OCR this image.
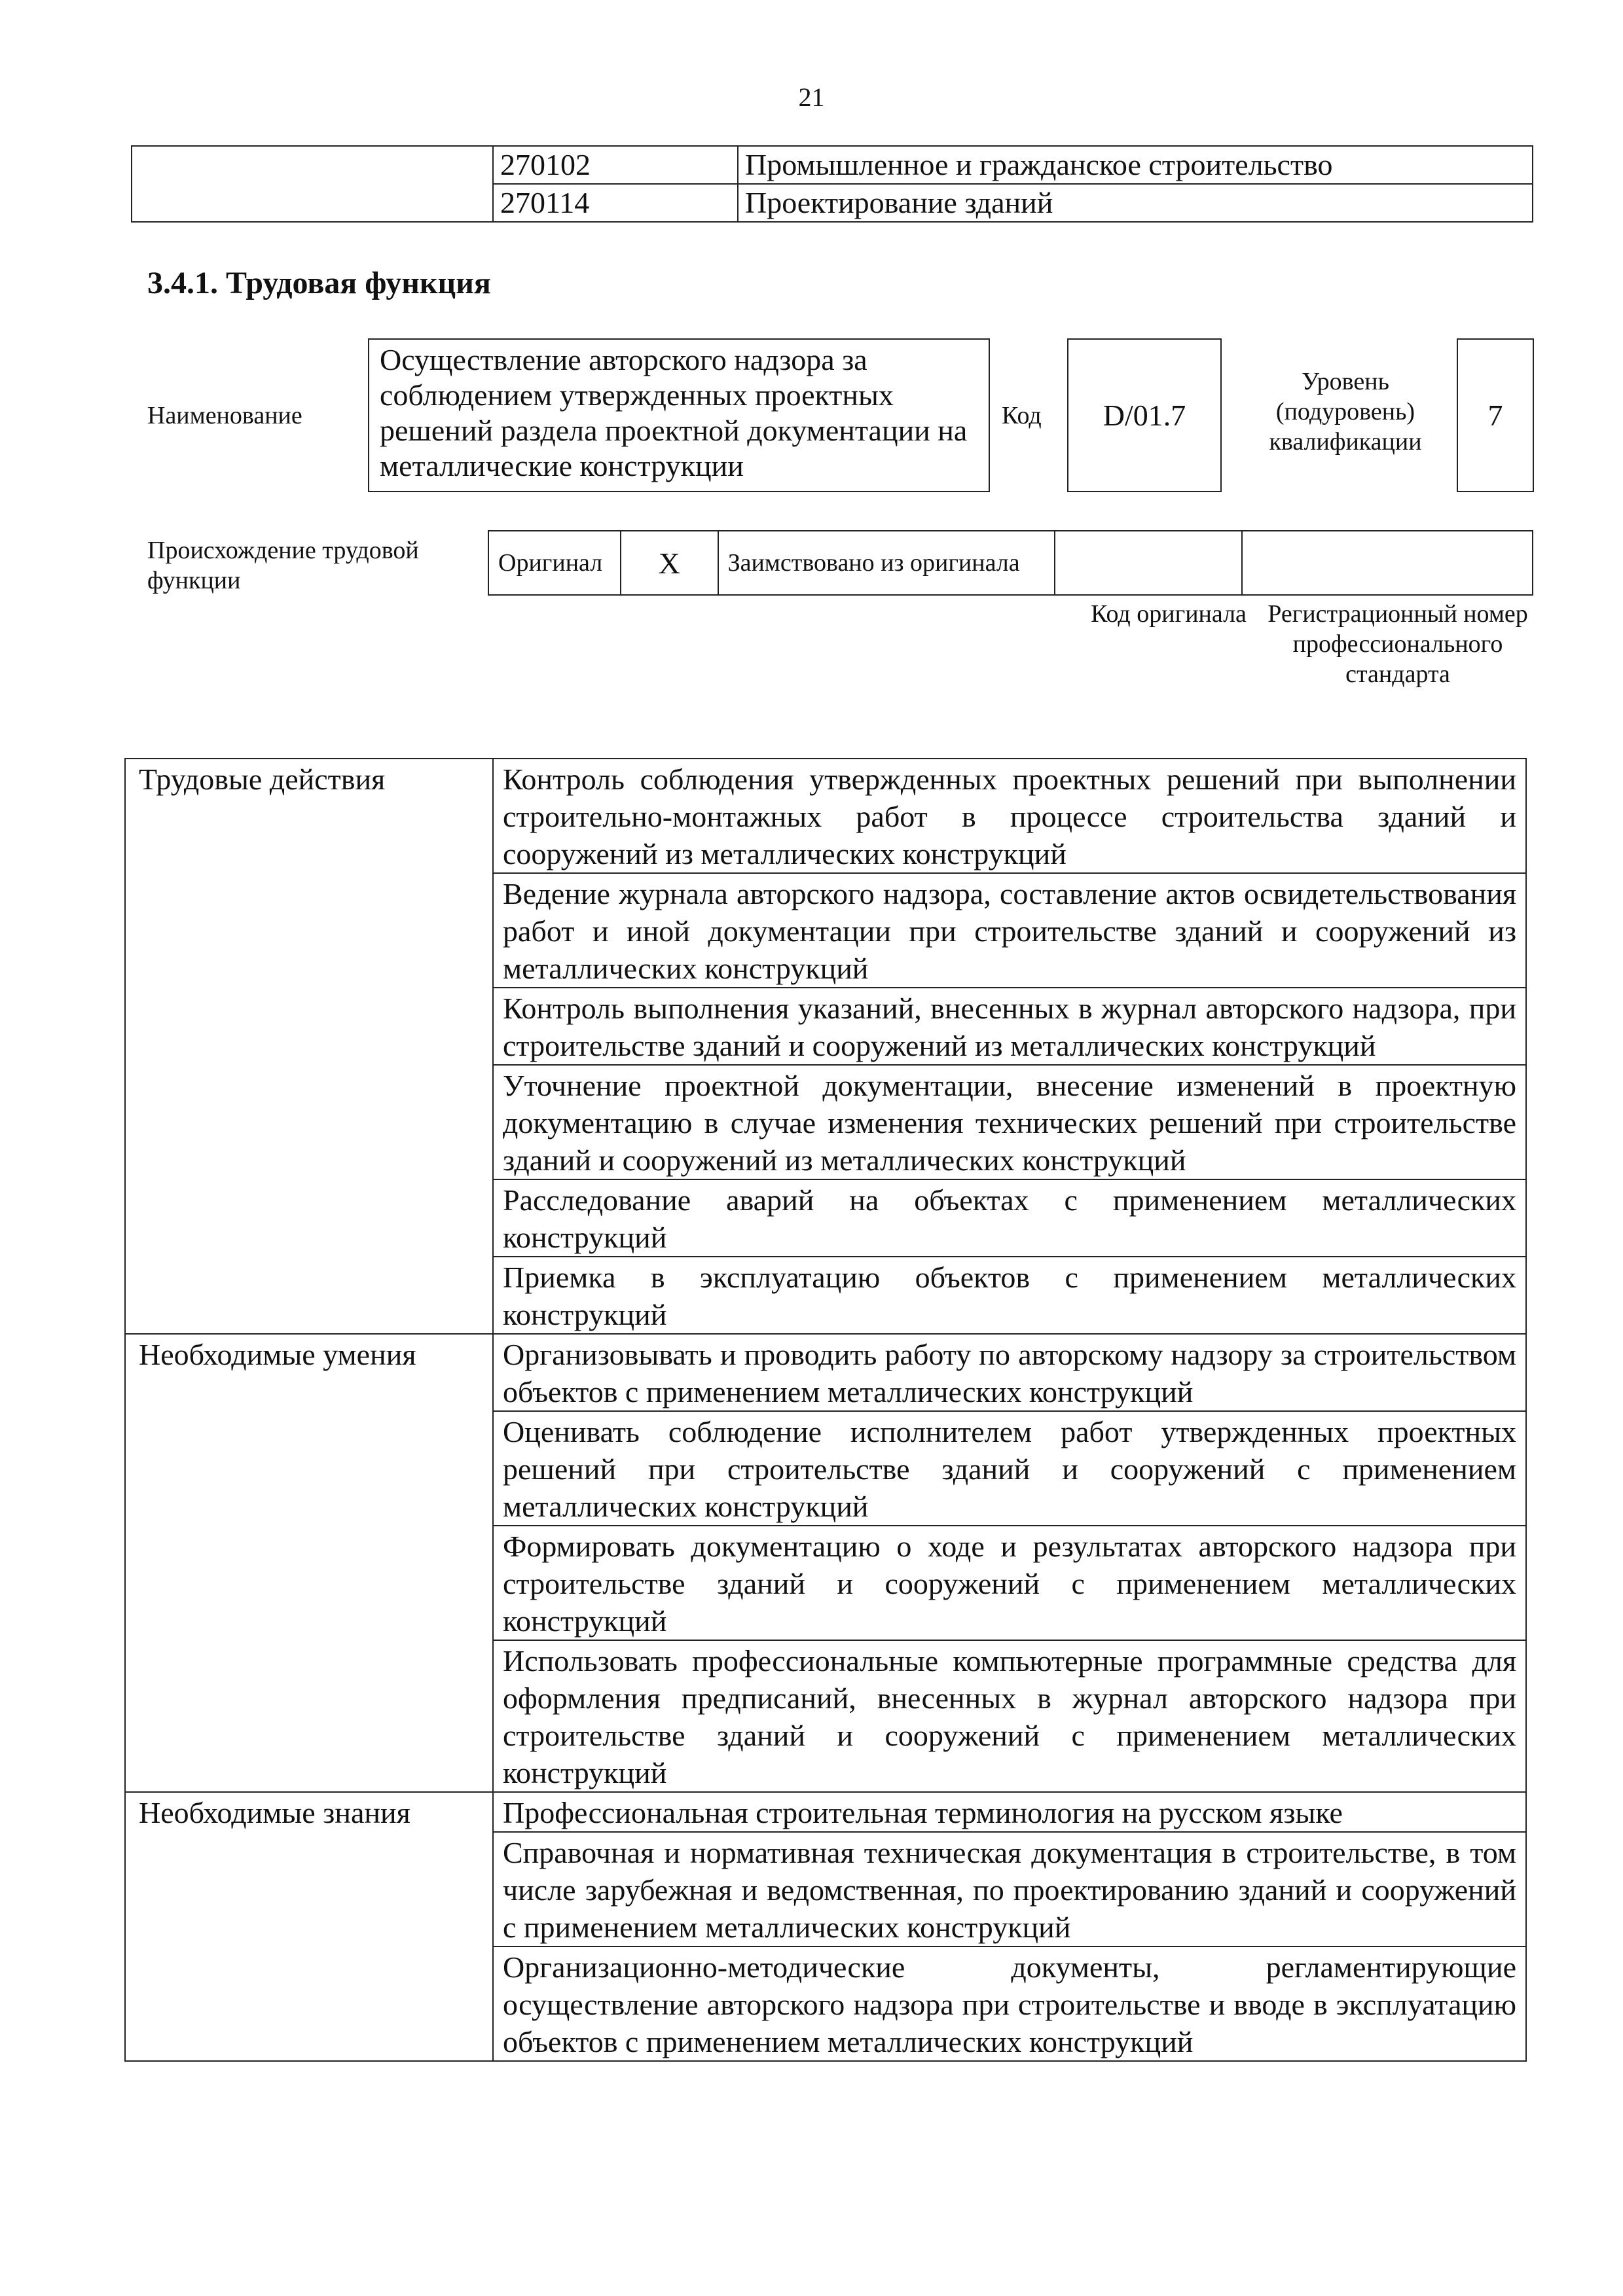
21
	270102	Промышленное и гражданское строительство
	270114	Проектирование зданий
3.4.1. Трудовая функция
Наименование
Осуществление авторского надзора за соблюдением утвержденных проектных решений раздела проектной документации на металлические конструкции
Код	D/01.7
Уровень (подуровень) квалификации
7
Происхождение трудовой функции
Оригинал	X	Заимствовано из оригинала		
Код оригинала Регистрационный номер профессионального стандарта
Трудовые действия	Контроль соблюдения утвержденных проектных решений при выполнении строительно-монтажных работ в процессе строительства зданий и сооружений из металлических конструкций
	Ведение журнала авторского надзора, составление актов освидетельствования работ и иной документации при строительстве зданий и сооружений из металлических конструкций
	Контроль выполнения указаний, внесенных в журнал авторского надзора, при строительстве зданий и сооружений из металлических конструкций
	Уточнение проектной документации, внесение изменений в проектную документацию в случае изменения технических решений при строительстве зданий и сооружений из металлических конструкций
	Расследование аварий на объектах с применением металлических конструкций
	Приемка в эксплуатацию объектов с применением металлических конструкций
Необходимые умения	Организовывать и проводить работу по авторскому надзору за строительством объектов с применением металлических конструкций
	Оценивать соблюдение исполнителем работ утвержденных проектных решений при строительстве зданий и сооружений с применением металлических конструкций
	Формировать документацию о ходе и результатах авторского надзора при строительстве зданий и сооружений с применением металлических конструкций
	Использовать профессиональные компьютерные программные средства для оформления предписаний, внесенных в журнал авторского надзора при строительстве зданий и сооружений с применением металлических конструкций
Необходимые знания	Профессиональная строительная терминология на русском языке
	Справочная и нормативная техническая документация в строительстве, в том числе зарубежная и ведомственная, по проектированию зданий и сооружений с применением металлических конструкций
	Организационно-методические документы, регламентирующие осуществление авторского надзора при строительстве и вводе в эксплуатацию объектов с применением металлических конструкций
